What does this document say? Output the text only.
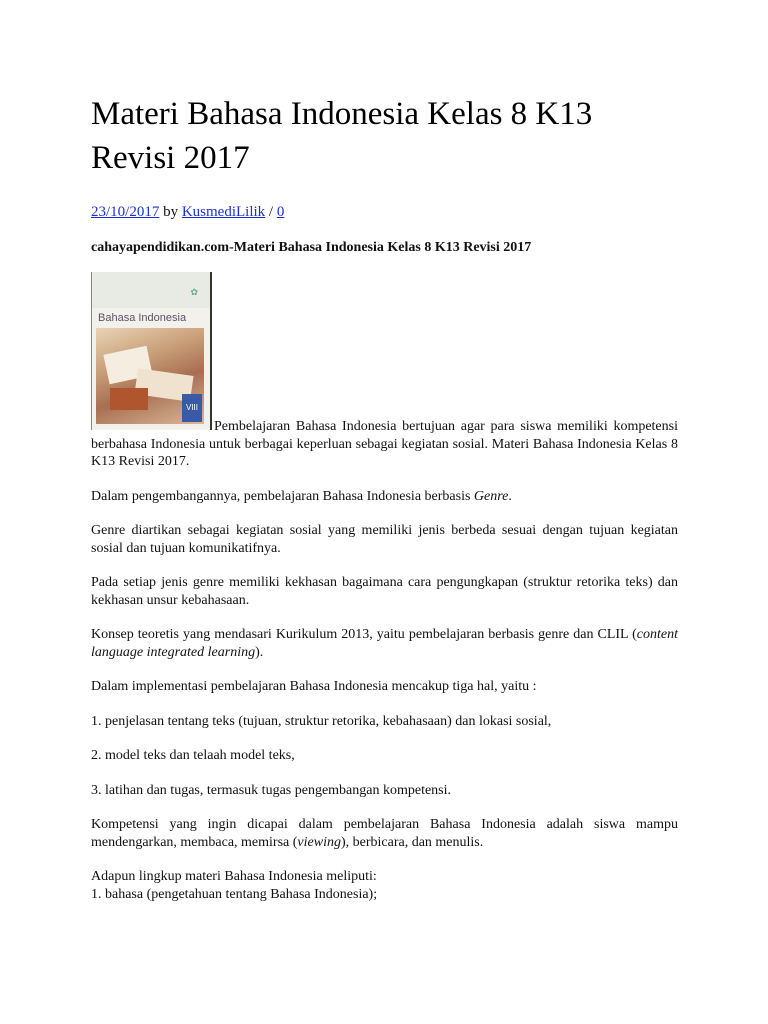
Materi Bahasa Indonesia Kelas 8 K13 Revisi 2017
23/10/2017 by KusmediLilik / 0
cahayapendidikan.com-Materi Bahasa Indonesia Kelas 8 K13 Revisi 2017

✿
Bahasa Indonesia
VIII
Pembelajaran Bahasa Indonesia bertujuan agar para siswa memiliki kompetensi berbahasa Indonesia untuk berbagai keperluan sebagai kegiatan sosial. Materi Bahasa Indonesia Kelas 8 K13 Revisi 2017.

Dalam pengembangannya, pembelajaran Bahasa Indonesia berbasis Genre.

Genre diartikan sebagai kegiatan sosial yang memiliki jenis berbeda sesuai dengan tujuan kegiatan sosial dan tujuan komunikatifnya.

Pada setiap jenis genre memiliki kekhasan bagaimana cara pengungkapan (struktur retorika teks) dan kekhasan unsur kebahasaan.

Konsep teoretis yang mendasari Kurikulum 2013, yaitu pembelajaran berbasis genre dan CLIL (content language integrated learning).

Dalam implementasi pembelajaran Bahasa Indonesia mencakup tiga hal, yaitu :

1. penjelasan tentang teks (tujuan, struktur retorika, kebahasaan) dan lokasi sosial,

2. model teks dan telaah model teks,

3. latihan dan tugas, termasuk tugas pengembangan kompetensi.

Kompetensi yang ingin dicapai dalam pembelajaran Bahasa Indonesia adalah siswa mampu mendengarkan, membaca, memirsa (viewing), berbicara, dan menulis.

Adapun lingkup materi Bahasa Indonesia meliputi:

1. bahasa (pengetahuan tentang Bahasa Indonesia);
